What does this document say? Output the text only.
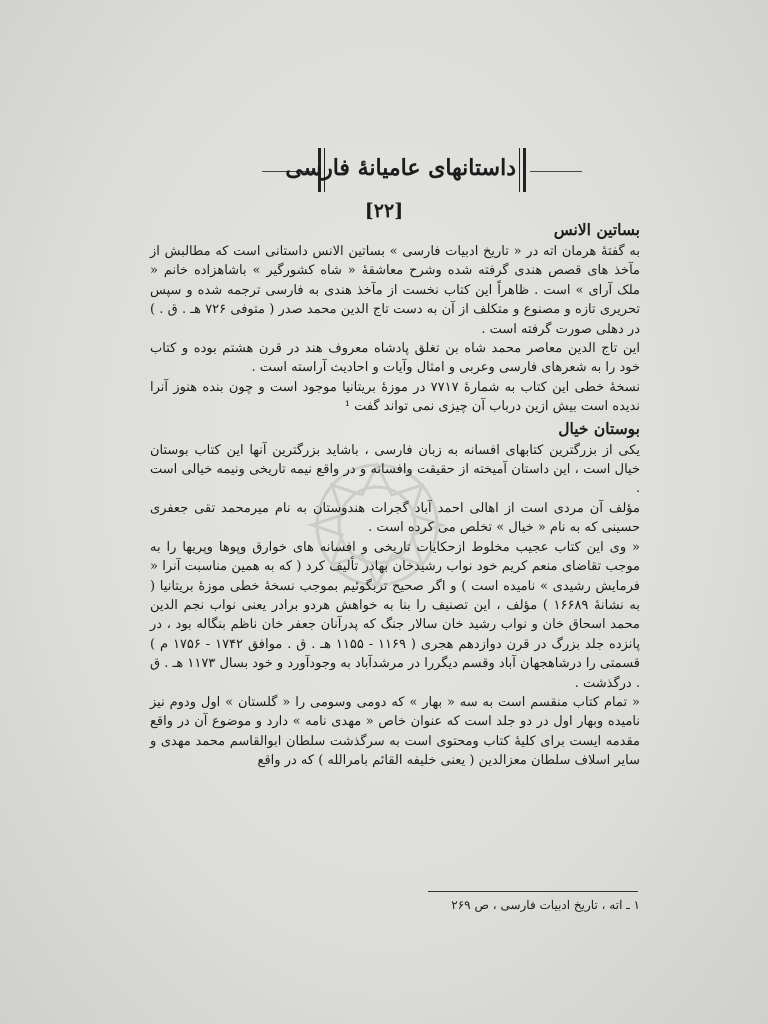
داستانهای عامیانهٔ فارسی
[۲۲]
بساتین الانس

به گفتهٔ هرمان اته در « تاریخ ادبیات فارسی » بساتین الانس داستانی است که مطالبش از مآخذ های قصص هندی گرفته شده وشرح معاشقهٔ « شاه کشورگیر » باشاهزاده خانم « ملک آرای » است . ظاهراً این کتاب نخست از مآخذ هندی به فارسی ترجمه شده و سپس تحریری تازه و مصنوع و متکلف از آن به دست تاج الدین محمد صدر ( متوفی ۷۲۶ هـ . ق . ) در دهلی صورت گرفته است .

این تاج الدین معاصر محمد شاه بن تغلق پادشاه معروف هند در قرن هشتم بوده و کتاب خود را به شعرهای فارسی وعربی و امثال وآیات و احادیث آراسته است .

نسخهٔ خطی این کتاب به شمارهٔ ۷۷۱۷ در موزهٔ بریتانیا موجود است و چون بنده هنوز آنرا ندیده است بیش ازین درباب آن چیزی نمی تواند گفت ¹

بوستان خیال

یکی از بزرگترین کتابهای افسانه به زبان فارسی ، باشاید بزرگترین آنها این کتاب بوستان خیال است ، این داستان آمیخته از حقیقت وافسانه و در واقع نیمه تاریخی ونیمه خیالی است .

مؤلف آن مردی است از اهالی احمد آباد گجرات هندوستان به نام میرمحمد تقی جعفری حسینی که به نام « خیال » تخلص می کرده است .

« وی این کتاب عجیب مخلوط ازحکایات تاریخی و افسانه های خوارق وپوها وپریها را به موجب تقاضای منعم کریم خود نواب رشیدخان بهادر تألیف کرد ( که به همین مناسبت آنرا « فرمایش رشیدی » نامیده است ) و اگر صحیح تربگوئیم بموجب نسخهٔ خطی موزهٔ بریتانیا ( به نشانهٔ ۱۶۶۸۹ ) مؤلف ، این تصنیف را بنا به خواهش هردو برادر یعنی نواب نجم الدین محمد اسحاق خان و نواب رشید خان سالار جنگ که پدرآنان جعفر خان ناظم بنگاله بود ، در پانزده جلد بزرگ در قرن دوازدهم هجری ( ۱۱۶۹ - ۱۱۵۵ هـ . ق . موافق ۱۷۴۲ - ۱۷۵۶ م ) قسمتی را درشاهجهان آباد وقسم دیگررا در مرشدآباد به وجودآورد و خود بسال ۱۱۷۳ هـ . ق . درگذشت .

« تمام کتاب منقسم است به سه « بهار » که دومی وسومی را « گلستان » اول ودوم نیز نامیده وبهار اول در دو جلد است که عنوان خاص « مهدی نامه » دارد و موضوع آن در واقع مقدمه ایست برای کلیهٔ کتاب ومحتوی است به سرگذشت سلطان ابوالقاسم محمد مهدی و سایر اسلاف سلطان معزالدین ( یعنی خلیفه القائم بامرالله ) که در واقع

۱ ـ اته ، تاریخ ادبیات فارسی ، ص ۲۶۹
